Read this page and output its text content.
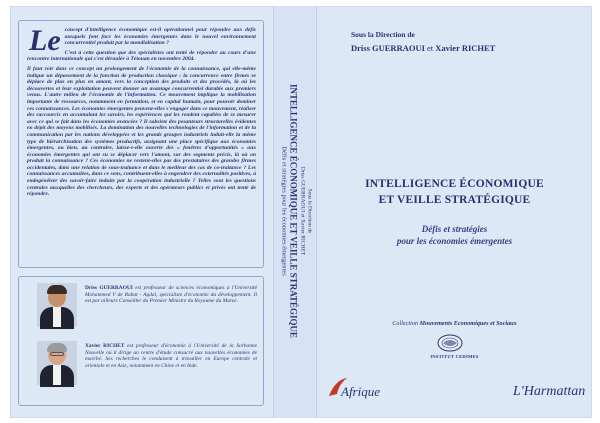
Le concept d'intelligence économique est-il opérationnel pour répondre aux défis auxquels font face les économies émergentes dans le nouvel environnement concurrentiel produit par la mondialisation ?

C'est à cette question que des spécialistes ont tenté de répondre au cours d'une rencontre internationale qui s'est déroulée à Tétouan en novembre 2004.

Il faut voir dans ce concept un prolongement de l'économie de la connaissance, qui elle-même indique un dépassement de la fonction de production classique : la concurrence entre firmes se déplace de plus en plus en amont, vers la conception des produits et des procédés, là où les découvertes et leur exploitation peuvent donner un avantage concurrentiel durable aux premiers venus. L'autre milieu de l'économie de l'information. Ce mouvement implique la mobilisation importante de ressources, notamment en formation, et en capital humain, pour pouvoir dominer ces connaissances. Les économies émergentes peuvent-elles s'engager dans ce mouvement, réaliser des raccourcis en accumulant les savoirs, les expériences qui les rendent capables de se mesurer avec ce qui se fait dans les économies avancées ? Il subsiste des pesanteurs structurelles évidentes en dépit des moyens mobilisés. La domination des nouvelles technologies de l'information et de la communication par les nations développées et les grands groupes industriels induit-elle la même type de hiérarchisation des systèmes productifs, assignant une place spécifique aux économies émergentes, ou bien, au contraire, laisse-t-elle ouverte des « fenêtres d'opportunités » aux économies émergentes qui ont su se déplacer vers l'amont, sur des segments précis, là où on produit la connaissance ? Ces économies ne restent-elles pas des prestataires des grandes firmes occidentales, dans une relation de sous-traitance et dans le meilleur des cas de co-traitance ? Les connaissances accumulées, dans ce sens, contribuent-elles à engendrer des externalités positives, à endogénéiser des savoir-faire induits par la coopération industrielle ? Telles sont les questions centrales auxquelles des chercheurs, des experts et des opérateurs publics et privés ont tenté de répondre.

Driss GUERRAOUI est professeur de sciences économiques à l'Université Mohammed V de Rabat - Agdal, spécialiste d'économie du développement. Il est par ailleurs Conseiller du Premier Ministre du Royaume du Maroc.
Xavier RICHET est professeur d'économie à l'Université de la Sorbonne Nouvelle où il dirige un centre d'étude consacré aux nouvelles économies de marché. Ses recherches le conduisent à travailler en Europe centrale et orientale et en Asie, notamment en Chine et en Inde.
Sous la Direction de
Driss GUERRAOUI et Xavier RICHET
INTELLIGENCE ÉCONOMIQUE ET VEILLE STRATÉGIQUE
Défis et stratégies pour les économies émergentes
Sous la Direction de
Driss GUERRAOUI et Xavier RICHET
INTELLIGENCE ÉCONOMIQUE
ET VEILLE STRATÉGIQUE
Défis et stratégies
pour les économies émergentes
Collection Mouvements Economiques et Sociaux
INSTITUT CEDIMES
Afrique	L'Harmattan
